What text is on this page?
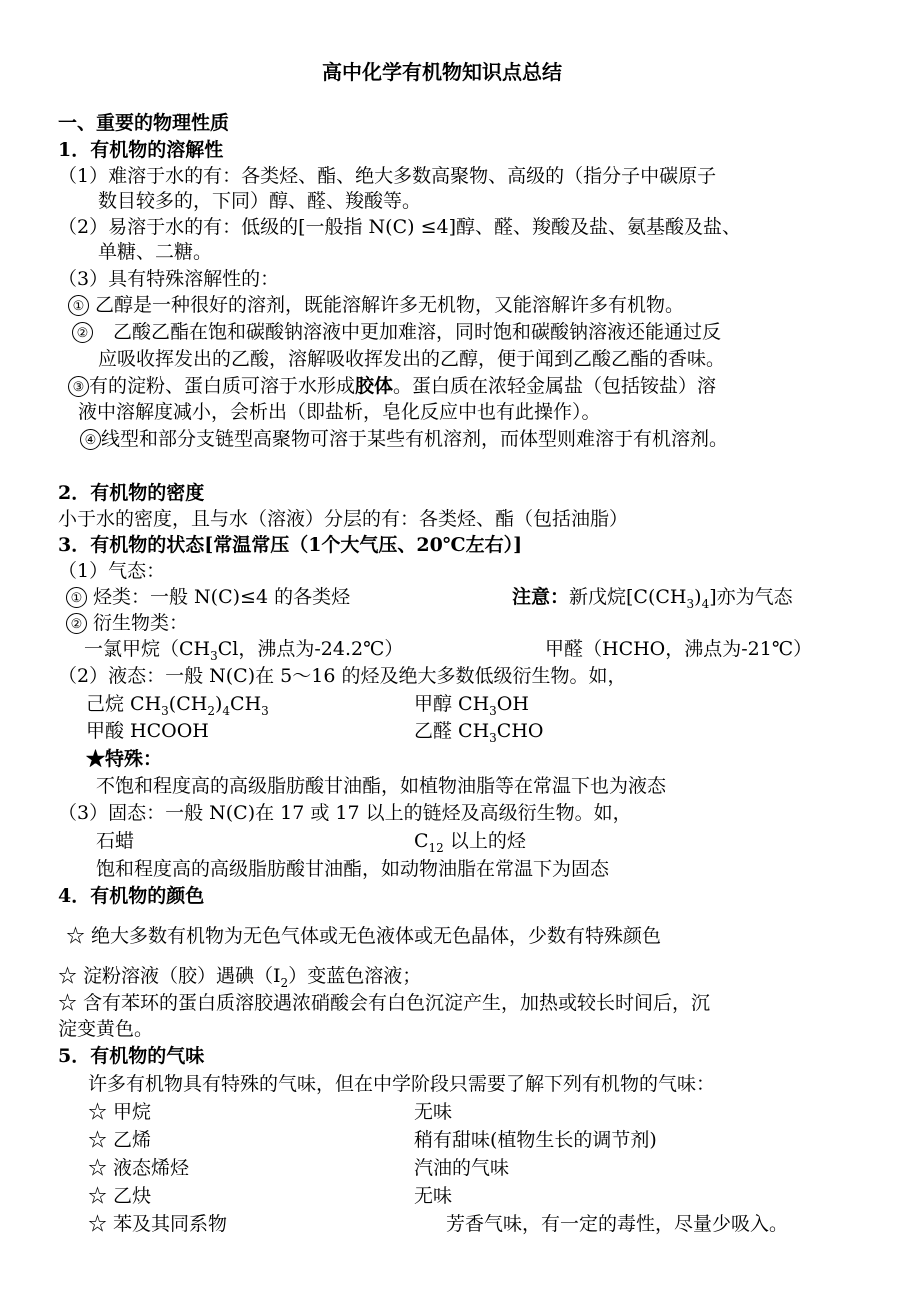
高中化学有机物知识点总结
一、重要的物理性质
1．有机物的溶解性
（1）难溶于水的有：各类烃、酯、绝大多数高聚物、高级的（指分子中碳原子
数目较多的，下同）醇、醛、羧酸等。
（2）易溶于水的有：低级的[一般指 N(C) ≤4]醇、醛、羧酸及盐、氨基酸及盐、
单糖、二糖。
（3）具有特殊溶解性的：
① 乙醇是一种很好的溶剂，既能溶解许多无机物，又能溶解许多有机物。
② 乙酸乙酯在饱和碳酸钠溶液中更加难溶，同时饱和碳酸钠溶液还能通过反
应吸收挥发出的乙酸，溶解吸收挥发出的乙醇，便于闻到乙酸乙酯的香味。
③ 有的淀粉、蛋白质可溶于水形成胶体。蛋白质在浓轻金属盐（包括铵盐）溶
液中溶解度减小，会析出（即盐析，皂化反应中也有此操作）。
④ 线型和部分支链型高聚物可溶于某些有机溶剂，而体型则难溶于有机溶剂。
2．有机物的密度
小于水的密度，且与水（溶液）分层的有：各类烃、酯（包括油脂）
3．有机物的状态[常温常压（1个大气压、20℃左右）]
（1）气态：
① 烃类：一般 N(C)≤4 的各类烃	注意：新戊烷$[C(CH_3)_4]$亦为气态
② 衍生物类：
一氯甲烷（$CH_3Cl$，沸点为-24.2℃）	甲醛（HCHO，沸点为-21℃）
（2）液态：一般 N(C)在 5～16 的烃及绝大多数低级衍生物。如，
己烷 $CH_3(CH_2)_4CH_3$	甲醇 $CH_3OH$
甲酸 HCOOH	乙醛 $CH_3CHO$
★特殊：
不饱和程度高的高级脂肪酸甘油酯，如植物油脂等在常温下也为液态
（3）固态：一般 N(C)在 17 或 17 以上的链烃及高级衍生物。如，
石蜡	$C_{12}$ 以上的烃
饱和程度高的高级脂肪酸甘油酯，如动物油脂在常温下为固态
4．有机物的颜色
☆ 绝大多数有机物为无色气体或无色液体或无色晶体，少数有特殊颜色
☆ 淀粉溶液（胶）遇碘$(I_2)$变蓝色溶液；
☆ 含有苯环的蛋白质溶胶遇浓硝酸会有白色沉淀产生，加热或较长时间后，沉
淀变黄色。
5．有机物的气味
许多有机物具有特殊的气味，但在中学阶段只需要了解下列有机物的气味：
☆ 甲烷	无味
☆ 乙烯	稍有甜味(植物生长的调节剂)
☆ 液态烯烃	汽油的气味
☆ 乙炔	无味
☆ 苯及其同系物	芳香气味，有一定的毒性，尽量少吸入。
